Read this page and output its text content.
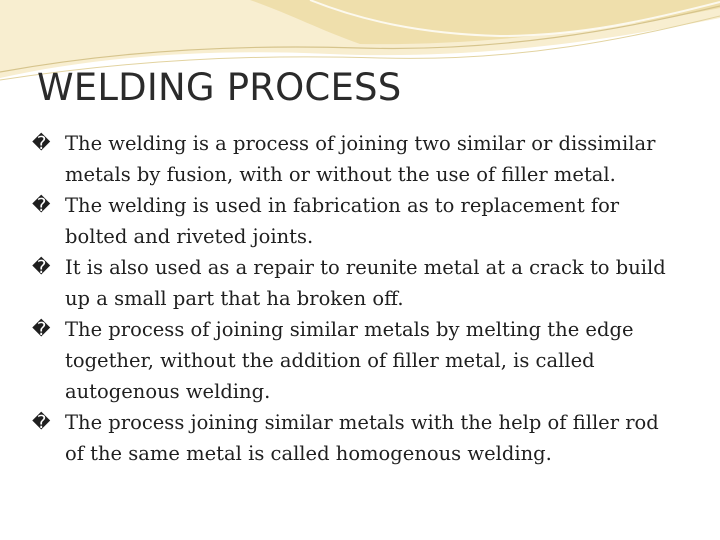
WELDING PROCESS
� The welding is a process of joining two similar or dissimilar metals by fusion, with or without the use of filler metal.
� The welding is used in fabrication as to replacement for bolted and riveted joints.
� It is also used as a repair to reunite metal at a crack to build up a small part that ha broken off.
� The process of joining similar metals by melting the edge together, without the addition of filler metal, is called autogenous welding.
� The process joining similar metals with the help of filler rod of the same metal is called homogenous welding.
